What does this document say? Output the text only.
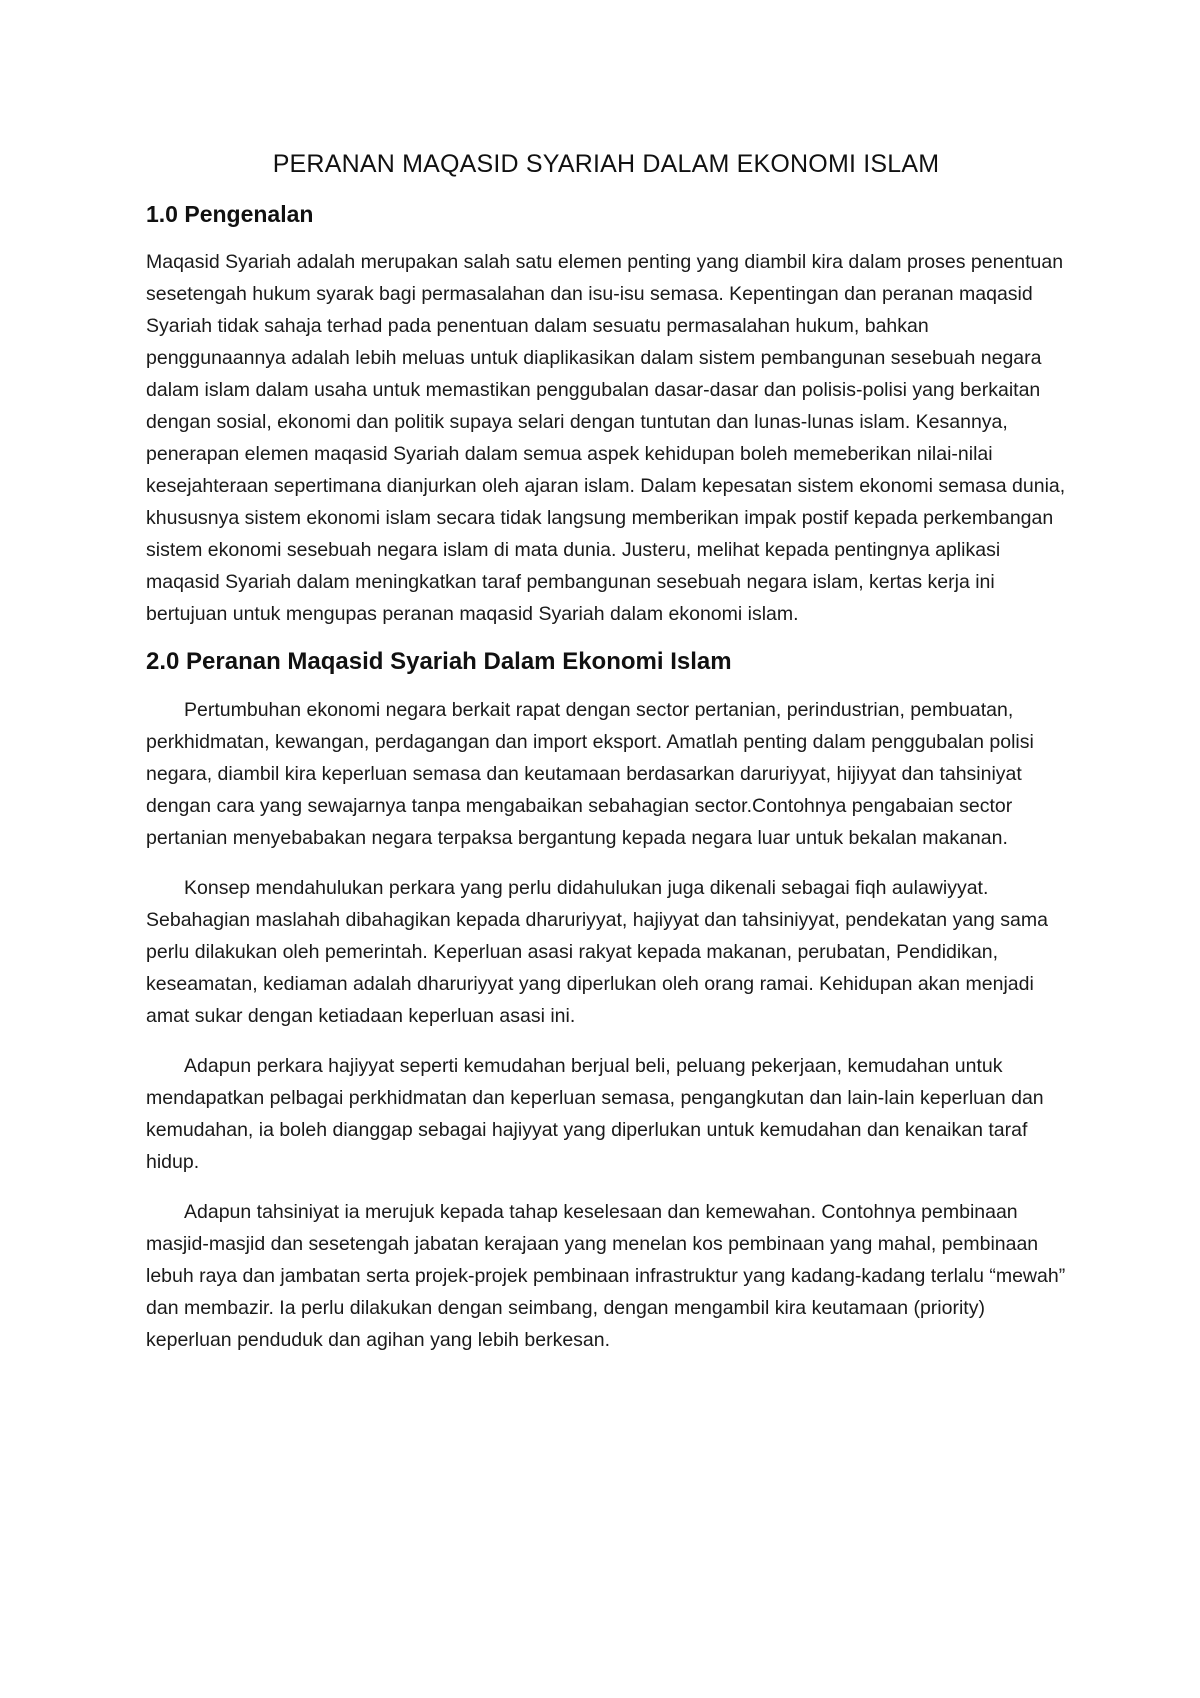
PERANAN MAQASID SYARIAH DALAM EKONOMI ISLAM
1.0 Pengenalan

Maqasid Syariah adalah merupakan salah satu elemen penting yang diambil kira dalam proses penentuan sesetengah hukum syarak bagi permasalahan dan isu-isu semasa. Kepentingan dan peranan maqasid Syariah tidak sahaja terhad pada penentuan dalam sesuatu permasalahan hukum, bahkan penggunaannya adalah lebih meluas untuk diaplikasikan dalam sistem pembangunan sesebuah negara dalam islam dalam usaha untuk memastikan penggubalan dasar-dasar dan polisis-polisi yang berkaitan dengan sosial, ekonomi dan politik supaya selari dengan tuntutan dan lunas-lunas islam. Kesannya, penerapan elemen maqasid Syariah dalam semua aspek kehidupan boleh memeberikan nilai-nilai kesejahteraan sepertimana dianjurkan oleh ajaran islam. Dalam kepesatan sistem ekonomi semasa dunia, khususnya sistem ekonomi islam secara tidak langsung memberikan impak postif kepada perkembangan sistem ekonomi sesebuah negara islam di mata dunia. Justeru, melihat kepada pentingnya aplikasi maqasid Syariah dalam meningkatkan taraf pembangunan sesebuah negara islam, kertas kerja ini bertujuan untuk mengupas peranan maqasid Syariah dalam ekonomi islam.

2.0 Peranan Maqasid Syariah Dalam Ekonomi Islam

Pertumbuhan ekonomi negara berkait rapat dengan sector pertanian, perindustrian, pembuatan, perkhidmatan, kewangan, perdagangan dan import eksport. Amatlah penting dalam penggubalan polisi negara, diambil kira keperluan semasa dan keutamaan berdasarkan daruriyyat, hijiyyat dan tahsiniyat dengan cara yang sewajarnya tanpa mengabaikan sebahagian sector.Contohnya pengabaian sector pertanian menyebabakan negara terpaksa bergantung kepada negara luar untuk bekalan makanan.

Konsep mendahulukan perkara yang perlu didahulukan juga dikenali sebagai fiqh aulawiyyat. Sebahagian maslahah dibahagikan kepada dharuriyyat, hajiyyat dan tahsiniyyat, pendekatan yang sama perlu dilakukan oleh pemerintah. Keperluan asasi rakyat kepada makanan, perubatan, Pendidikan, keseamatan, kediaman adalah dharuriyyat yang diperlukan oleh orang ramai. Kehidupan akan menjadi amat sukar dengan ketiadaan keperluan asasi ini.

Adapun perkara hajiyyat seperti kemudahan berjual beli, peluang pekerjaan, kemudahan untuk mendapatkan pelbagai perkhidmatan dan keperluan semasa, pengangkutan dan lain-lain keperluan dan kemudahan, ia boleh dianggap sebagai hajiyyat yang diperlukan untuk kemudahan dan kenaikan taraf hidup.

Adapun tahsiniyat ia merujuk kepada tahap keselesaan dan kemewahan. Contohnya pembinaan masjid-masjid dan sesetengah jabatan kerajaan yang menelan kos pembinaan yang mahal, pembinaan lebuh raya dan jambatan serta projek-projek pembinaan infrastruktur yang kadang-kadang terlalu “mewah” dan membazir. Ia perlu dilakukan dengan seimbang, dengan mengambil kira keutamaan (priority) keperluan penduduk dan agihan yang lebih berkesan.
